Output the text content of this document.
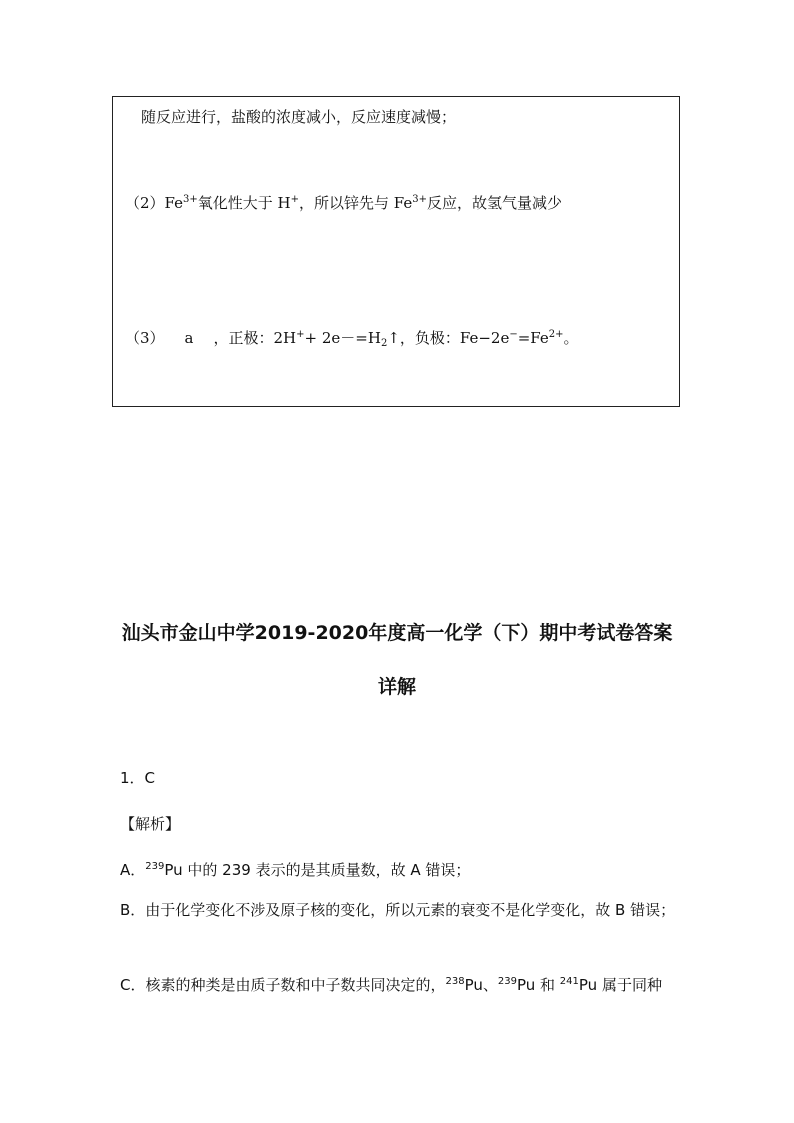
随反应进行，盐酸的浓度减小，反应速度减慢；
$(2)Fe^{3+}$氧化性大于 H+，所以锌先与 $Fe^{3+}$反应，故氢气量减少
（3） a ，正极：$2H^++ 2e-=H_2↑$，负极：$Fe-2e^-=Fe^{2+}$。
汕头市金山中学2019-2020年度高一化学（下）期中考试卷答案
详解
1．C
【解析】
A．$^{239}$Pu 中的 239 表示的是其质量数，故 A 错误；
B．由于化学变化不涉及原子核的变化，所以元素的衰变不是化学变化，故 B 错误；
C．核素的种类是由质子数和中子数共同决定的，$^{238}$Pu、$^{239}$Pu 和 $^{241}$Pu 属于同种
